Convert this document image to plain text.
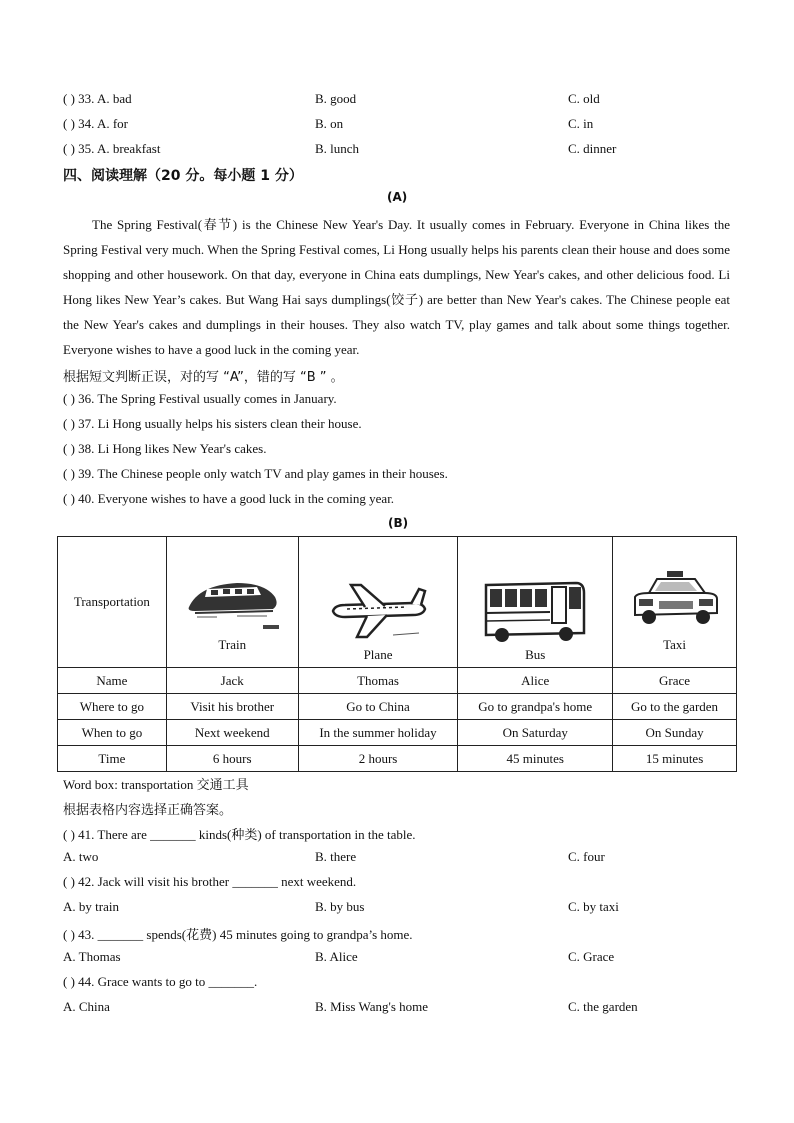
( ) 33. A. bad	B. good	C. old
( ) 34. A. for	B. on	C. in
( ) 35. A. breakfast	B. lunch	C. dinner
四、阅读理解（20 分。每小题 1 分）
(A)

The Spring Festival(春节) is the Chinese New Year's Day. It usually comes in February. Everyone in China likes the Spring Festival very much. When the Spring Festival comes, Li Hong usually helps his parents clean their house and does some shopping and other housework. On that day, everyone in China eats dumplings, New Year's cakes, and other delicious food. Li Hong likes New Year’s cakes. But Wang Hai says dumplings(饺子) are better than New Year's cakes. The Chinese people eat the New Year's cakes and dumplings in their houses. They also watch TV, play games and talk about some things together. Everyone wishes to have a good luck in the coming year.

根据短文判断正误，对的写 “A”，错的写 “B ” 。
( ) 36. The Spring Festival usually comes in January.
( ) 37. Li Hong usually helps his sisters clean their house.
( ) 38. Li Hong likes New Year's cakes.
( ) 39. The Chinese people only watch TV and play games in their houses.
( ) 40. Everyone wishes to have a good luck in the coming year.
(B)
Transportation	Train	Plane	Bus	Taxi

Name	Jack	Thomas	Alice	Grace
Where to go	Visit his brother	Go to China	Go to grandpa's home	Go to the garden
When to go	Next weekend	In the summer holiday	On Saturday	On Sunday
Time	6 hours	2 hours	45 minutes	15 minutes
Word box: transportation 交通工具
根据表格内容选择正确答案。
( ) 41. There are _______ kinds(种类) of transportation in the table.
A. two	B. there	C. four
( ) 42. Jack will visit his brother _______ next weekend.
A. by train	B. by bus	C. by taxi
( ) 43. _______ spends(花费) 45 minutes going to grandpa’s home.
A. Thomas	B. Alice	C. Grace
( ) 44. Grace wants to go to _______.
A. China	B. Miss Wang's home	C. the garden
